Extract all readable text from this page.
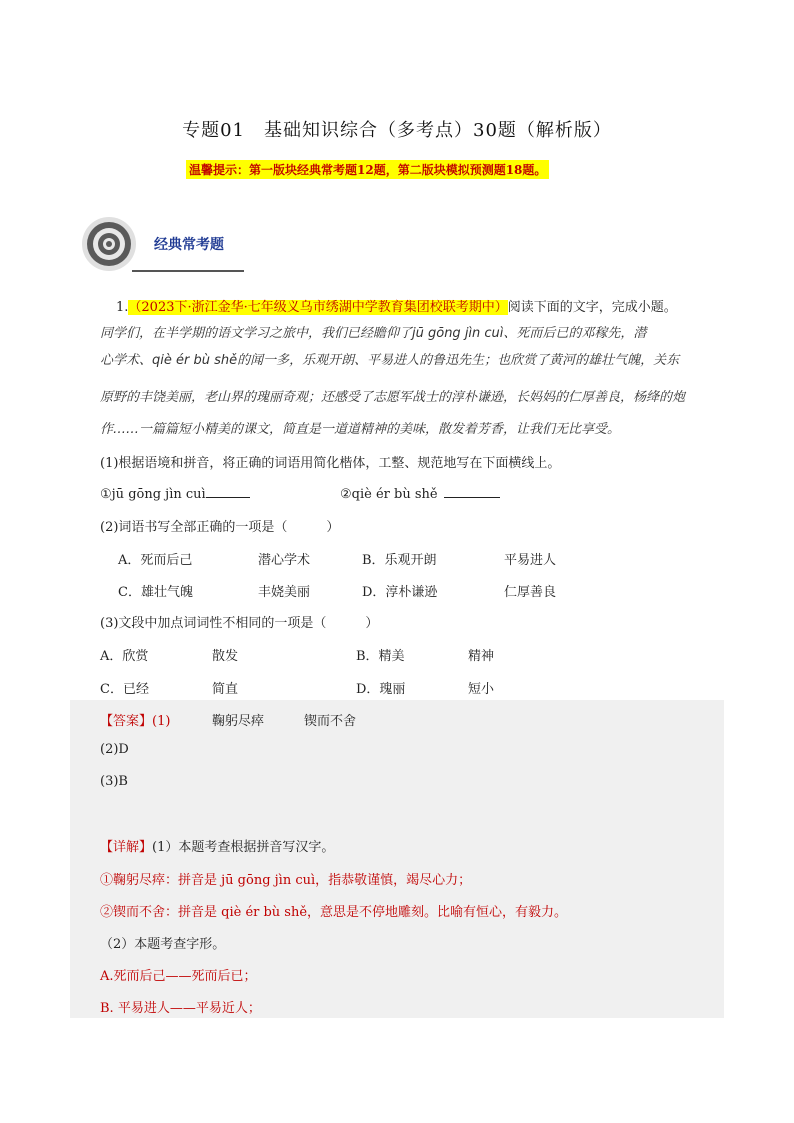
专题01　基础知识综合（多考点）30题（解析版）
温馨提示：第一版块经典常考题12题，第二版块模拟预测题18题。
经典常考题
1.（2023下·浙江金华·七年级义乌市绣湖中学教育集团校联考期中）阅读下面的文字，完成小题。
同学们，在半学期的语文学习之旅中，我们已经瞻仰了jū gōng jìn cuì、死而后已的邓稼先，潜
心学术、qiè ér bù shě的闻一多，乐观开朗、平易进人的鲁迅先生；也欣赏了黄河的雄壮气魄，关东
原野的丰饶美丽，老山界的瑰丽奇观；还感受了志愿军战士的淳朴谦逊，长妈妈的仁厚善良，杨绛的炮
作……一篇篇短小精美的课文，简直是一道道精神的美味，散发着芳香，让我们无比享受。
(1)根据语境和拼音，将正确的词语用简化楷体，工整、规范地写在下面横线上。
①jū gōng jìn cuì	②qiè ér bù shě
(2)词语书写全部正确的一项是（　　　）
A．死而后己	潜心学术	B．乐观开朗	平易进人
C．雄壮气魄	丰娆美丽	D．淳朴谦逊	仁厚善良
(3)文段中加点词词性不相同的一项是（　　　）
A．欣赏	散发	B．精美	精神
C．已经	简直	D．瑰丽	短小
【答案】(1)	鞠躬尽瘁	锲而不舍
(2)D
(3)B
【详解】(1）本题考查根据拼音写汉字。
①鞠躬尽瘁：拼音是 jū gōng jìn cuì，指恭敬谨慎，竭尽心力；
②锲而不舍：拼音是 qiè ér bù shě，意思是不停地雕刻。比喻有恒心，有毅力。
（2）本题考查字形。
A.死而后己——死而后已；
B. 平易进人——平易近人；
